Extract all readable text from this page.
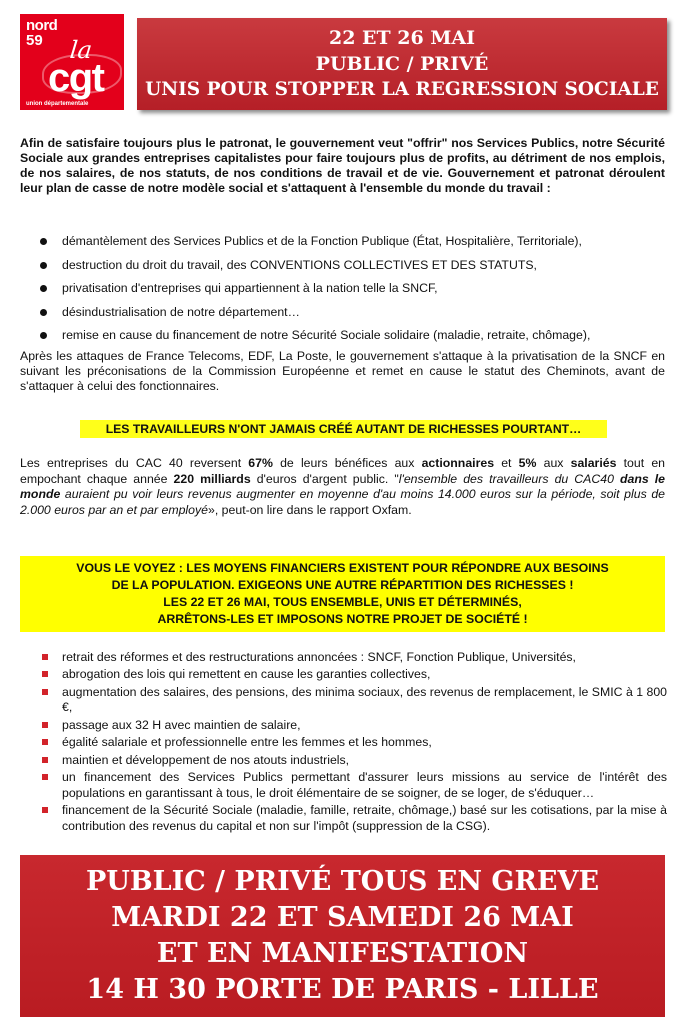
nord
59 la
cgt
union départementale
22 ET 26 MAI
PUBLIC / PRIVÉ
UNIS POUR STOPPER LA REGRESSION SOCIALE

Afin de satisfaire toujours plus le patronat, le gouvernement veut "offrir" nos Services Publics, notre Sécurité Sociale aux grandes entreprises capitalistes pour faire toujours plus de profits, au détriment de nos emplois, de nos salaires, de nos statuts, de nos conditions de travail et de vie. Gouvernement et patronat déroulent leur plan de casse de notre modèle social et s'attaquent à l'ensemble du monde du travail :

démantèlement des Services Publics et de la Fonction Publique (État, Hospitalière, Territoriale),
destruction du droit du travail, des CONVENTIONS COLLECTIVES ET DES STATUTS,
privatisation d'entreprises qui appartiennent à la nation telle la SNCF,
désindustrialisation de notre département…
remise en cause du financement de notre Sécurité Sociale solidaire (maladie, retraite, chômage),

Après les attaques de France Telecoms, EDF, La Poste, le gouvernement s'attaque à la privatisation de la SNCF en suivant les préconisations de la Commission Européenne et remet en cause le statut des Cheminots, avant de s'attaquer à celui des fonctionnaires.

LES TRAVAILLEURS N'ONT JAMAIS CRÉÉ AUTANT DE RICHESSES POURTANT…

Les entreprises du CAC 40 reversent 67% de leurs bénéfices aux actionnaires et 5% aux salariés tout en empochant chaque année 220 milliards d'euros d'argent public. "l'ensemble des travailleurs du CAC40 dans le monde auraient pu voir leurs revenus augmenter en moyenne d'au moins 14.000 euros sur la période, soit plus de 2.000 euros par an et par employé», peut-on lire dans le rapport Oxfam.

VOUS LE VOYEZ : LES MOYENS FINANCIERS EXISTENT POUR RÉPONDRE AUX BESOINS
DE LA POPULATION. EXIGEONS UNE AUTRE RÉPARTITION DES RICHESSES !
LES 22 ET 26 MAI, TOUS ENSEMBLE, UNIS ET DÉTERMINÉS,
ARRÊTONS-LES ET IMPOSONS NOTRE PROJET DE SOCIÉTÉ !
retrait des réformes et des restructurations annoncées : SNCF, Fonction Publique, Universités,
abrogation des lois qui remettent en cause les garanties collectives,
augmentation des salaires, des pensions, des minima sociaux, des revenus de remplacement, le SMIC à 1 800 €,
passage aux 32 H avec maintien de salaire,
égalité salariale et professionnelle entre les femmes et les hommes,
maintien et développement de nos atouts industriels,
un financement des Services Publics permettant d'assurer leurs missions au service de l'intérêt des populations en garantissant à tous, le droit élémentaire de se soigner, de se loger, de s'éduquer…
financement de la Sécurité Sociale (maladie, famille, retraite, chômage,) basé sur les cotisations, par la mise à contribution des revenus du capital et non sur l'impôt (suppression de la CSG).
PUBLIC / PRIVÉ TOUS EN GREVE
MARDI 22 ET SAMEDI 26 MAI
ET EN MANIFESTATION
14 H 30 PORTE DE PARIS - LILLE
